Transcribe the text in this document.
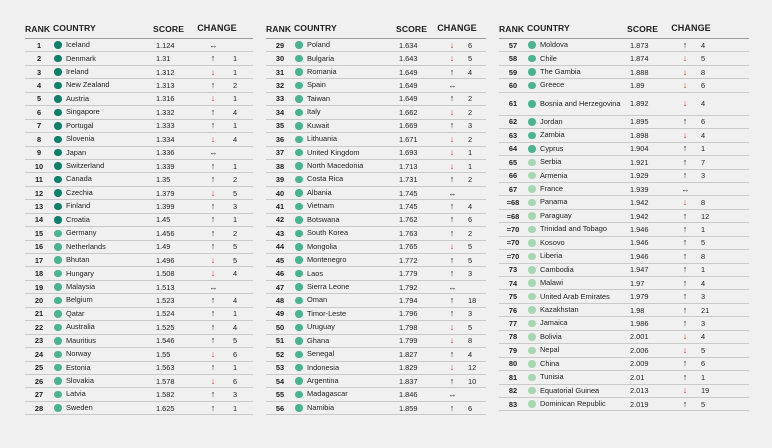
RANK COUNTRY	SCORE	CHANGE
1	Iceland	1.124	↔
2	Denmark	1.31	↑	1
3	Ireland	1.312	↓	1
4	New Zealand	1.313	↑	2
5	Austria	1.316	↓	1
6	Singapore	1.332	↑	4
7	Portugal	1.333	↑	1
8	Slovenia	1.334	↓	4
9	Japan	1.336	↔
10	Switzerland	1.339	↑	1
11	Canada	1.35	↑	2
12	Czechia	1.379	↓	5
13	Finland	1.399	↑	3
14	Croatia	1.45	↑	1
15	Germany	1.456	↑	2
16	Netherlands	1.49	↑	5
17	Bhutan	1.496	↓	5
18	Hungary	1.508	↓	4
19	Malaysia	1.513	↔
20	Belgium	1.523	↑	4
21	Qatar	1.524	↑	1
22	Australia	1.525	↑	4
23	Mauritius	1.546	↑	5
24	Norway	1.55	↓	6
25	Estonia	1.563	↑	1
26	Slovakia	1.578	↓	6
27	Latvia	1.582	↑	3
28	Sweden	1.625	↑	1
RANK COUNTRY	SCORE	CHANGE
29	Poland	1.634	↓	6
30	Bulgaria	1.643	↓	5
31	Romania	1.649	↑	4
32	Spain	1.649	↔
33	Taiwan	1.649	↑	2
34	Italy	1.662	↓	2
35	Kuwait	1.669	↑	3
36	Lithuania	1.671	↓	2
37	United Kingdom	1.693	↓	1
38	North Macedonia	1.713	↓	1
39	Costa Rica	1.731	↑	2
40	Albania	1.745	↔
41	Vietnam	1.745	↑	4
42	Botswana	1.762	↑	6
43	South Korea	1.763	↑	2
44	Mongolia	1.765	↓	5
45	Montenegro	1.772	↑	5
46	Laos	1.779	↑	3
47	Sierra Leone	1.792	↔
48	Oman	1.794	↑	18
49	Timor-Leste	1.796	↑	3
50	Uruguay	1.798	↓	5
51	Ghana	1.799	↓	8
52	Senegal	1.827	↑	4
53	Indonesia	1.829	↓	12
54	Argentina	1.837	↑	10
55	Madagascar	1.846	↔
56	Namibia	1.859	↑	6
RANK COUNTRY	SCORE	CHANGE
57	Moldova	1.873	↑	4
58	Chile	1.874	↓	5
59	The Gambia	1.888	↓	8
60	Greece	1.89	↓	6
61	Bosnia and Herzegovina	1.892	↓	4
62	Jordan	1.895	↑	6
63	Zambia	1.898	↓	4
64	Cyprus	1.904	↑	1
65	Serbia	1.921	↑	7
66	Armenia	1.929	↑	3
67	France	1.939	↔
=68	Panama	1.942	↓	8
=68	Paraguay	1.942	↑	12
=70	Trinidad and Tobago	1.946	↑	1
=70	Kosovo	1.946	↑	5
=70	Liberia	1.946	↑	8
73	Cambodia	1.947	↑	1
74	Malawi	1.97	↑	4
75	United Arab Emirates	1.979	↑	3
76	Kazakhstan	1.98	↑	21
77	Jamaica	1.986	↑	3
78	Bolivia	2.001	↓	4
79	Nepal	2.006	↓	5
80	China	2.009	↑	6
81	Tunisia	2.01	↑	1
82	Equatorial Guinea	2.013	↓	19
83	Dominican Republic	2.019	↑	5
